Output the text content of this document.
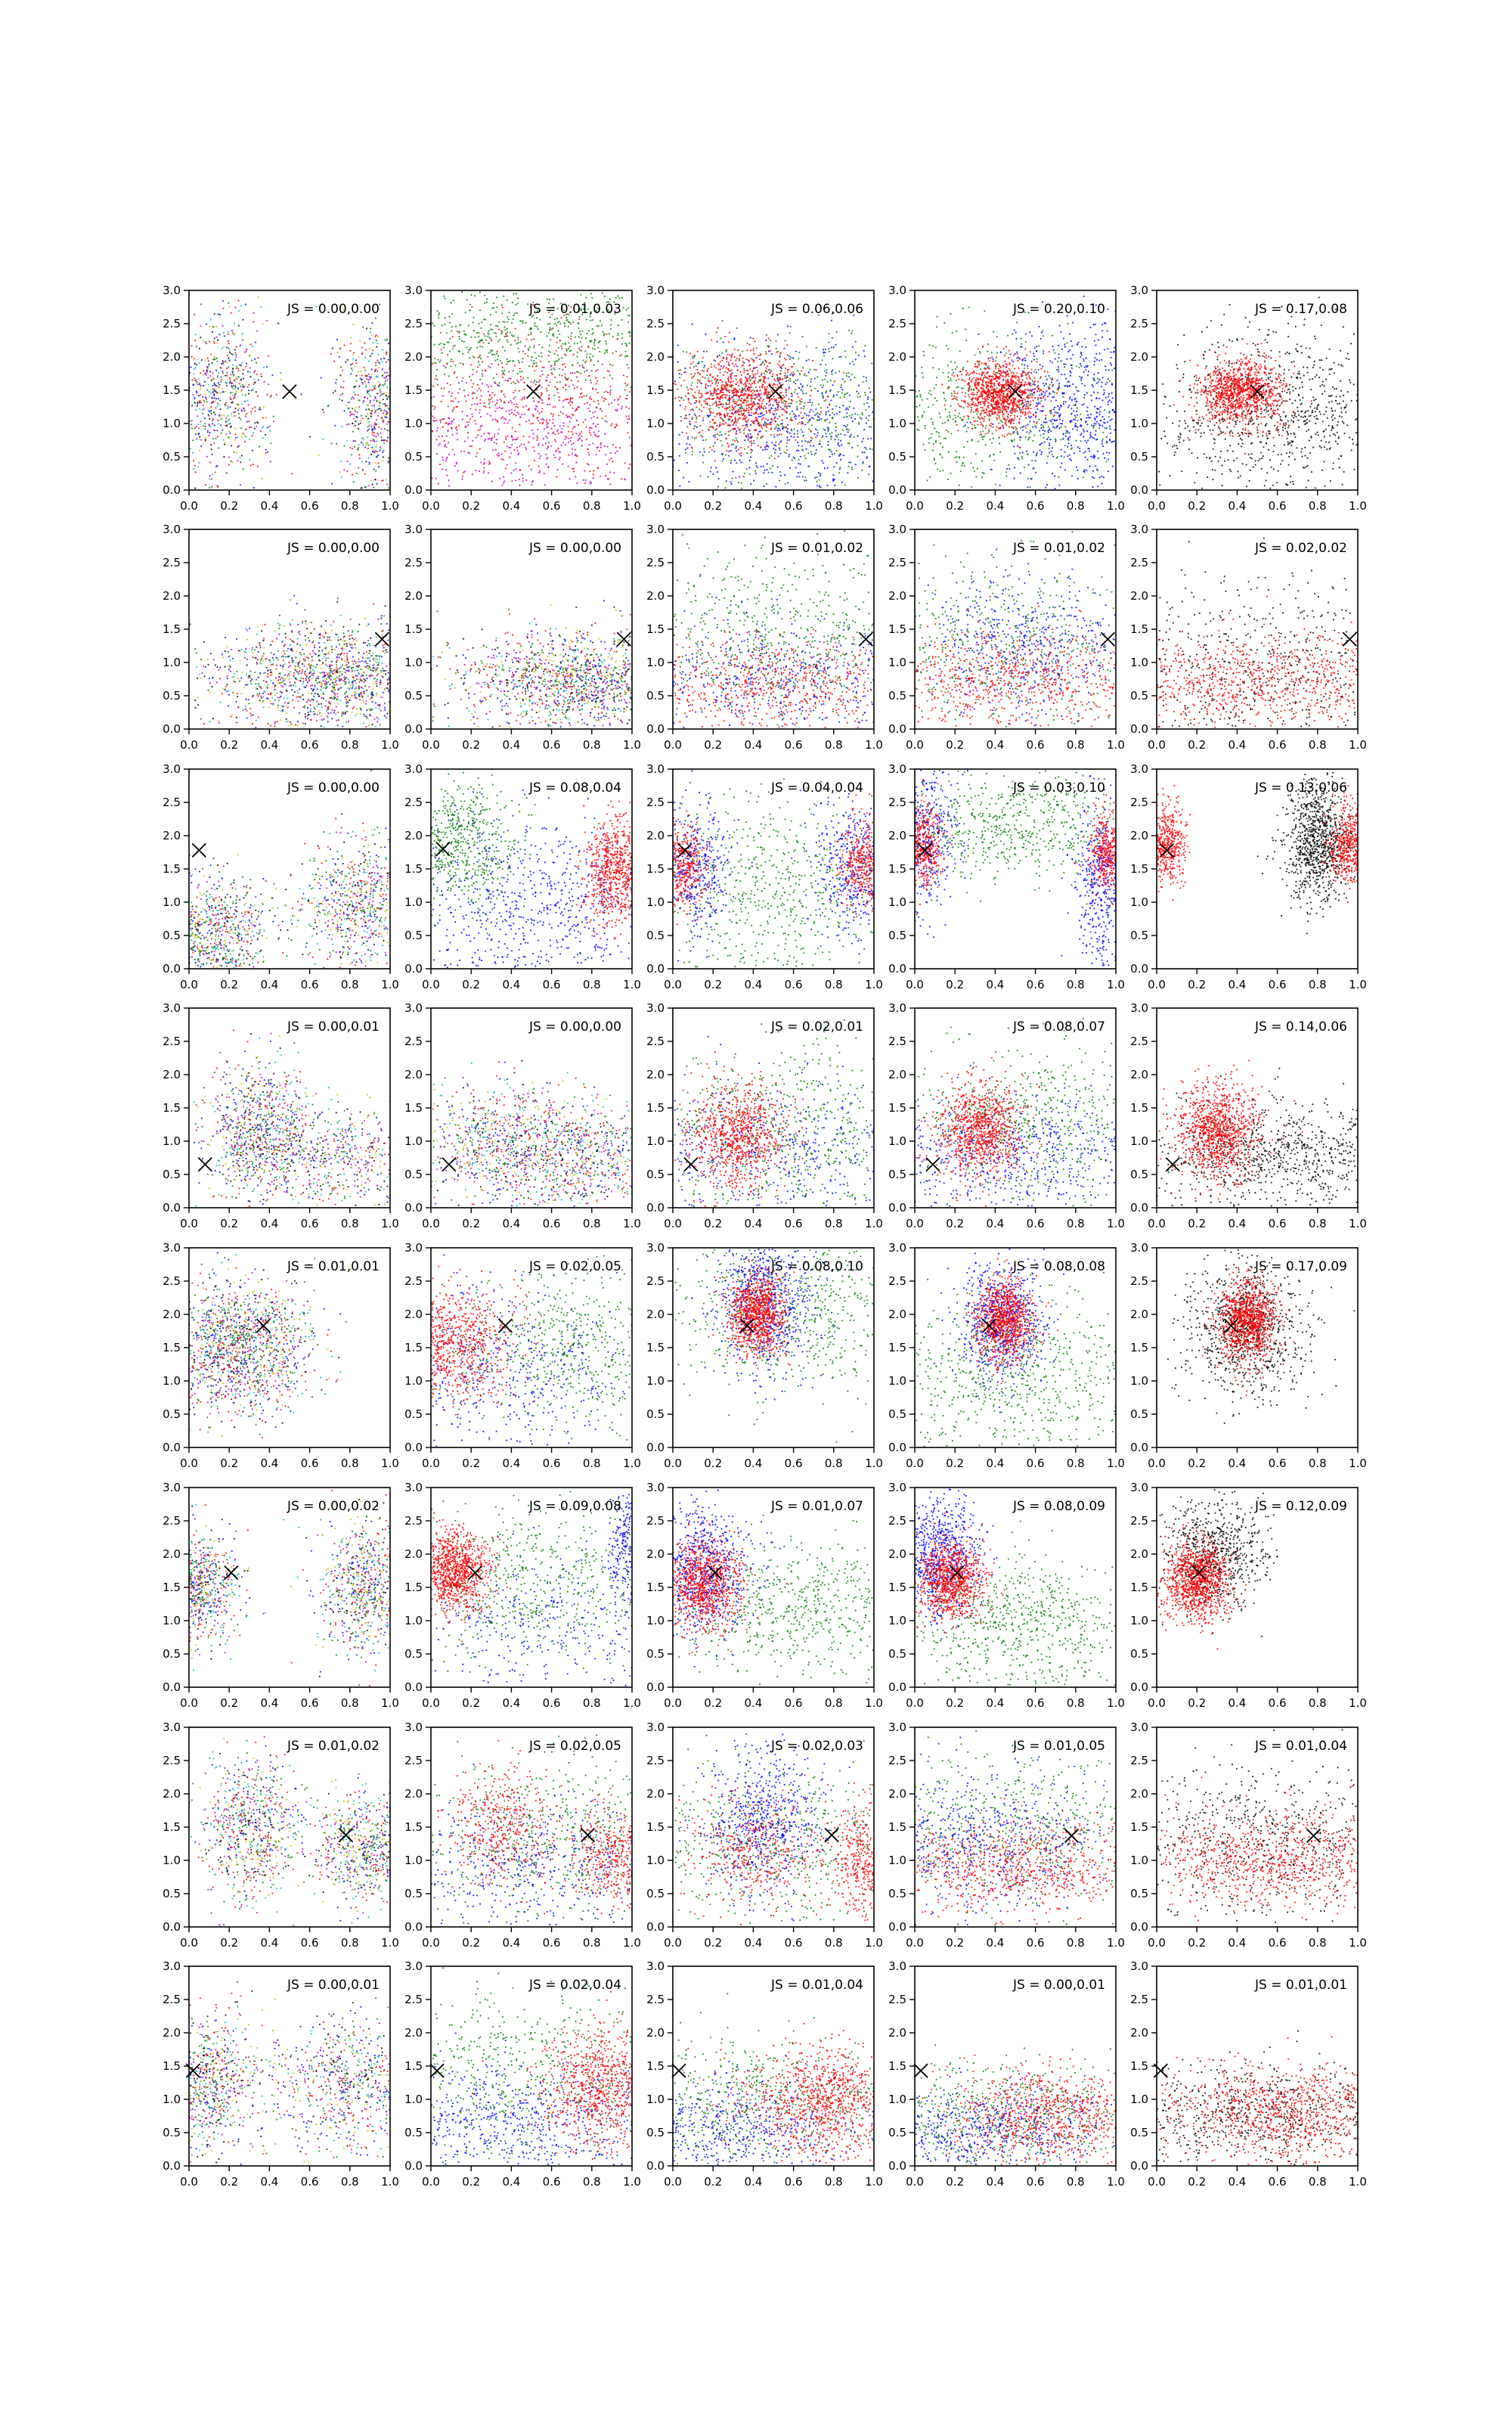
0.0 0.2 0.4 0.6 0.8 1.0
0.0
0.5
1.0
1.5
2.0
2.5
3.0
JS = 0.00,0.00
0.0 0.2 0.4 0.6 0.8 1.0
0.0
0.5
1.0
1.5
2.0
2.5
3.0
JS = 0.01,0.03
0.0 0.2 0.4 0.6 0.8 1.0
0.0
0.5
1.0
1.5
2.0
2.5
3.0
JS = 0.06,0.06
0.0 0.2 0.4 0.6 0.8 1.0
0.0
0.5
1.0
1.5
2.0
2.5
3.0
JS = 0.20,0.10
0.0 0.2 0.4 0.6 0.8 1.0
0.0
0.5
1.0
1.5
2.0
2.5
3.0
JS = 0.17,0.08
0.0 0.2 0.4 0.6 0.8 1.0
0.0
0.5
1.0
1.5
2.0
2.5
3.0
JS = 0.00,0.00
0.0 0.2 0.4 0.6 0.8 1.0
0.0
0.5
1.0
1.5
2.0
2.5
3.0
JS = 0.00,0.00
0.0 0.2 0.4 0.6 0.8 1.0
0.0
0.5
1.0
1.5
2.0
2.5
3.0
JS = 0.01,0.02
0.0 0.2 0.4 0.6 0.8 1.0
0.0
0.5
1.0
1.5
2.0
2.5
3.0
JS = 0.01,0.02
0.0 0.2 0.4 0.6 0.8 1.0
0.0
0.5
1.0
1.5
2.0
2.5
3.0
JS = 0.02,0.02
0.0 0.2 0.4 0.6 0.8 1.0
0.0
0.5
1.0
1.5
2.0
2.5
3.0
JS = 0.00,0.00
0.0 0.2 0.4 0.6 0.8 1.0
0.0
0.5
1.0
1.5
2.0
2.5
3.0
JS = 0.08,0.04
0.0 0.2 0.4 0.6 0.8 1.0
0.0
0.5
1.0
1.5
2.0
2.5
3.0
JS = 0.04,0.04
0.0 0.2 0.4 0.6 0.8 1.0
0.0
0.5
1.0
1.5
2.0
2.5
3.0
JS = 0.03,0.10
0.0 0.2 0.4 0.6 0.8 1.0
0.0
0.5
1.0
1.5
2.0
2.5
3.0
JS = 0.13,0.06
0.0 0.2 0.4 0.6 0.8 1.0
0.0
0.5
1.0
1.5
2.0
2.5
3.0
JS = 0.00,0.01
0.0 0.2 0.4 0.6 0.8 1.0
0.0
0.5
1.0
1.5
2.0
2.5
3.0
JS = 0.00,0.00
0.0 0.2 0.4 0.6 0.8 1.0
0.0
0.5
1.0
1.5
2.0
2.5
3.0
JS = 0.02,0.01
0.0 0.2 0.4 0.6 0.8 1.0
0.0
0.5
1.0
1.5
2.0
2.5
3.0
JS = 0.08,0.07
0.0 0.2 0.4 0.6 0.8 1.0
0.0
0.5
1.0
1.5
2.0
2.5
3.0
JS = 0.14,0.06
0.0 0.2 0.4 0.6 0.8 1.0
0.0
0.5
1.0
1.5
2.0
2.5
3.0
JS = 0.01,0.01
0.0 0.2 0.4 0.6 0.8 1.0
0.0
0.5
1.0
1.5
2.0
2.5
3.0
JS = 0.02,0.05
0.0 0.2 0.4 0.6 0.8 1.0
0.0
0.5
1.0
1.5
2.0
2.5
3.0
JS = 0.08,0.10
0.0 0.2 0.4 0.6 0.8 1.0
0.0
0.5
1.0
1.5
2.0
2.5
3.0
JS = 0.08,0.08
0.0 0.2 0.4 0.6 0.8 1.0
0.0
0.5
1.0
1.5
2.0
2.5
3.0
JS = 0.17,0.09
0.0 0.2 0.4 0.6 0.8 1.0
0.0
0.5
1.0
1.5
2.0
2.5
3.0
JS = 0.00,0.02
0.0 0.2 0.4 0.6 0.8 1.0
0.0
0.5
1.0
1.5
2.0
2.5
3.0
JS = 0.09,0.08
0.0 0.2 0.4 0.6 0.8 1.0
0.0
0.5
1.0
1.5
2.0
2.5
3.0
JS = 0.01,0.07
0.0 0.2 0.4 0.6 0.8 1.0
0.0
0.5
1.0
1.5
2.0
2.5
3.0
JS = 0.08,0.09
0.0 0.2 0.4 0.6 0.8 1.0
0.0
0.5
1.0
1.5
2.0
2.5
3.0
JS = 0.12,0.09
0.0 0.2 0.4 0.6 0.8 1.0
0.0
0.5
1.0
1.5
2.0
2.5
3.0
JS = 0.01,0.02
0.0 0.2 0.4 0.6 0.8 1.0
0.0
0.5
1.0
1.5
2.0
2.5
3.0
JS = 0.02,0.05
0.0 0.2 0.4 0.6 0.8 1.0
0.0
0.5
1.0
1.5
2.0
2.5
3.0
JS = 0.02,0.03
0.0 0.2 0.4 0.6 0.8 1.0
0.0
0.5
1.0
1.5
2.0
2.5
3.0
JS = 0.01,0.05
0.0 0.2 0.4 0.6 0.8 1.0
0.0
0.5
1.0
1.5
2.0
2.5
3.0
JS = 0.01,0.04
0.0 0.2 0.4 0.6 0.8 1.0
0.0
0.5
1.0
1.5
2.0
2.5
3.0
JS = 0.00,0.01
0.0 0.2 0.4 0.6 0.8 1.0
0.0
0.5
1.0
1.5
2.0
2.5
3.0
JS = 0.02,0.04
0.0 0.2 0.4 0.6 0.8 1.0
0.0
0.5
1.0
1.5
2.0
2.5
3.0
JS = 0.01,0.04
0.0 0.2 0.4 0.6 0.8 1.0
0.0
0.5
1.0
1.5
2.0
2.5
3.0
JS = 0.00,0.01
0.0 0.2 0.4 0.6 0.8 1.0
0.0
0.5
1.0
1.5
2.0
2.5
3.0
JS = 0.01,0.01
